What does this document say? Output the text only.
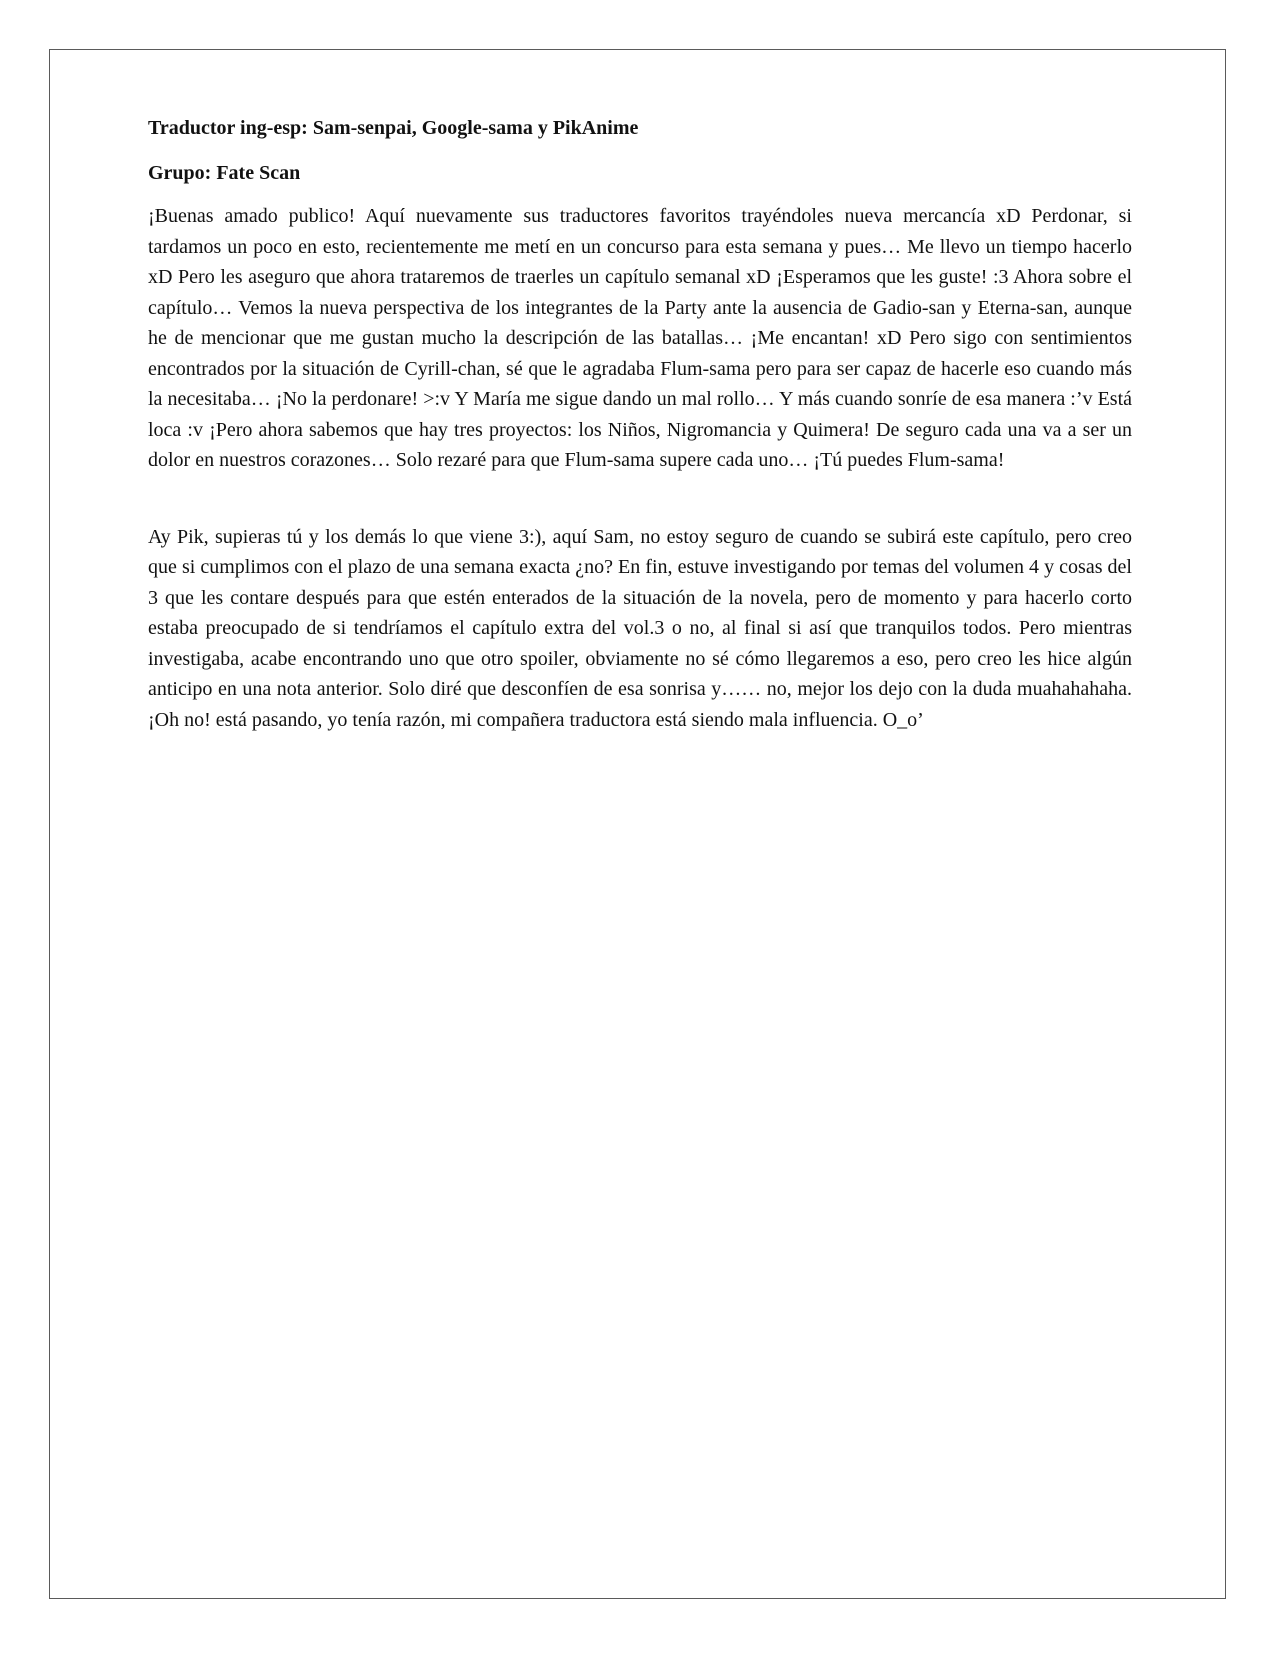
Traductor ing-esp: Sam-senpai, Google-sama y PikAnime

Grupo: Fate Scan

¡Buenas amado publico! Aquí nuevamente sus traductores favoritos trayéndoles nueva mercancía xD Perdonar, si tardamos un poco en esto, recientemente me metí en un concurso para esta semana y pues… Me llevo un tiempo hacerlo xD Pero les aseguro que ahora trataremos de traerles un capítulo semanal xD ¡Esperamos que les guste! :3 Ahora sobre el capítulo… Vemos la nueva perspectiva de los integrantes de la Party ante la ausencia de Gadio-san y Eterna-san, aunque he de mencionar que me gustan mucho la descripción de las batallas… ¡Me encantan! xD Pero sigo con sentimientos encontrados por la situación de Cyrill-chan, sé que le agradaba Flum-sama pero para ser capaz de hacerle eso cuando más la necesitaba… ¡No la perdonare! >:v Y María me sigue dando un mal rollo… Y más cuando sonríe de esa manera :’v Está loca :v ¡Pero ahora sabemos que hay tres proyectos: los Niños, Nigromancia y Quimera! De seguro cada una va a ser un dolor en nuestros corazones… Solo rezaré para que Flum-sama supere cada uno… ¡Tú puedes Flum-sama!

Ay Pik, supieras tú y los demás lo que viene 3:), aquí Sam, no estoy seguro de cuando se subirá este capítulo, pero creo que si cumplimos con el plazo de una semana exacta ¿no? En fin, estuve investigando por temas del volumen 4 y cosas del 3 que les contare después para que estén enterados de la situación de la novela, pero de momento y para hacerlo corto estaba preocupado de si tendríamos el capítulo extra del vol.3 o no, al final si así que tranquilos todos. Pero mientras investigaba, acabe encontrando uno que otro spoiler, obviamente no sé cómo llegaremos a eso, pero creo les hice algún anticipo en una nota anterior. Solo diré que desconfíen de esa sonrisa y…… no, mejor los dejo con la duda muahahahaha. ¡Oh no! está pasando, yo tenía razón, mi compañera traductora está siendo mala influencia. O_o’
